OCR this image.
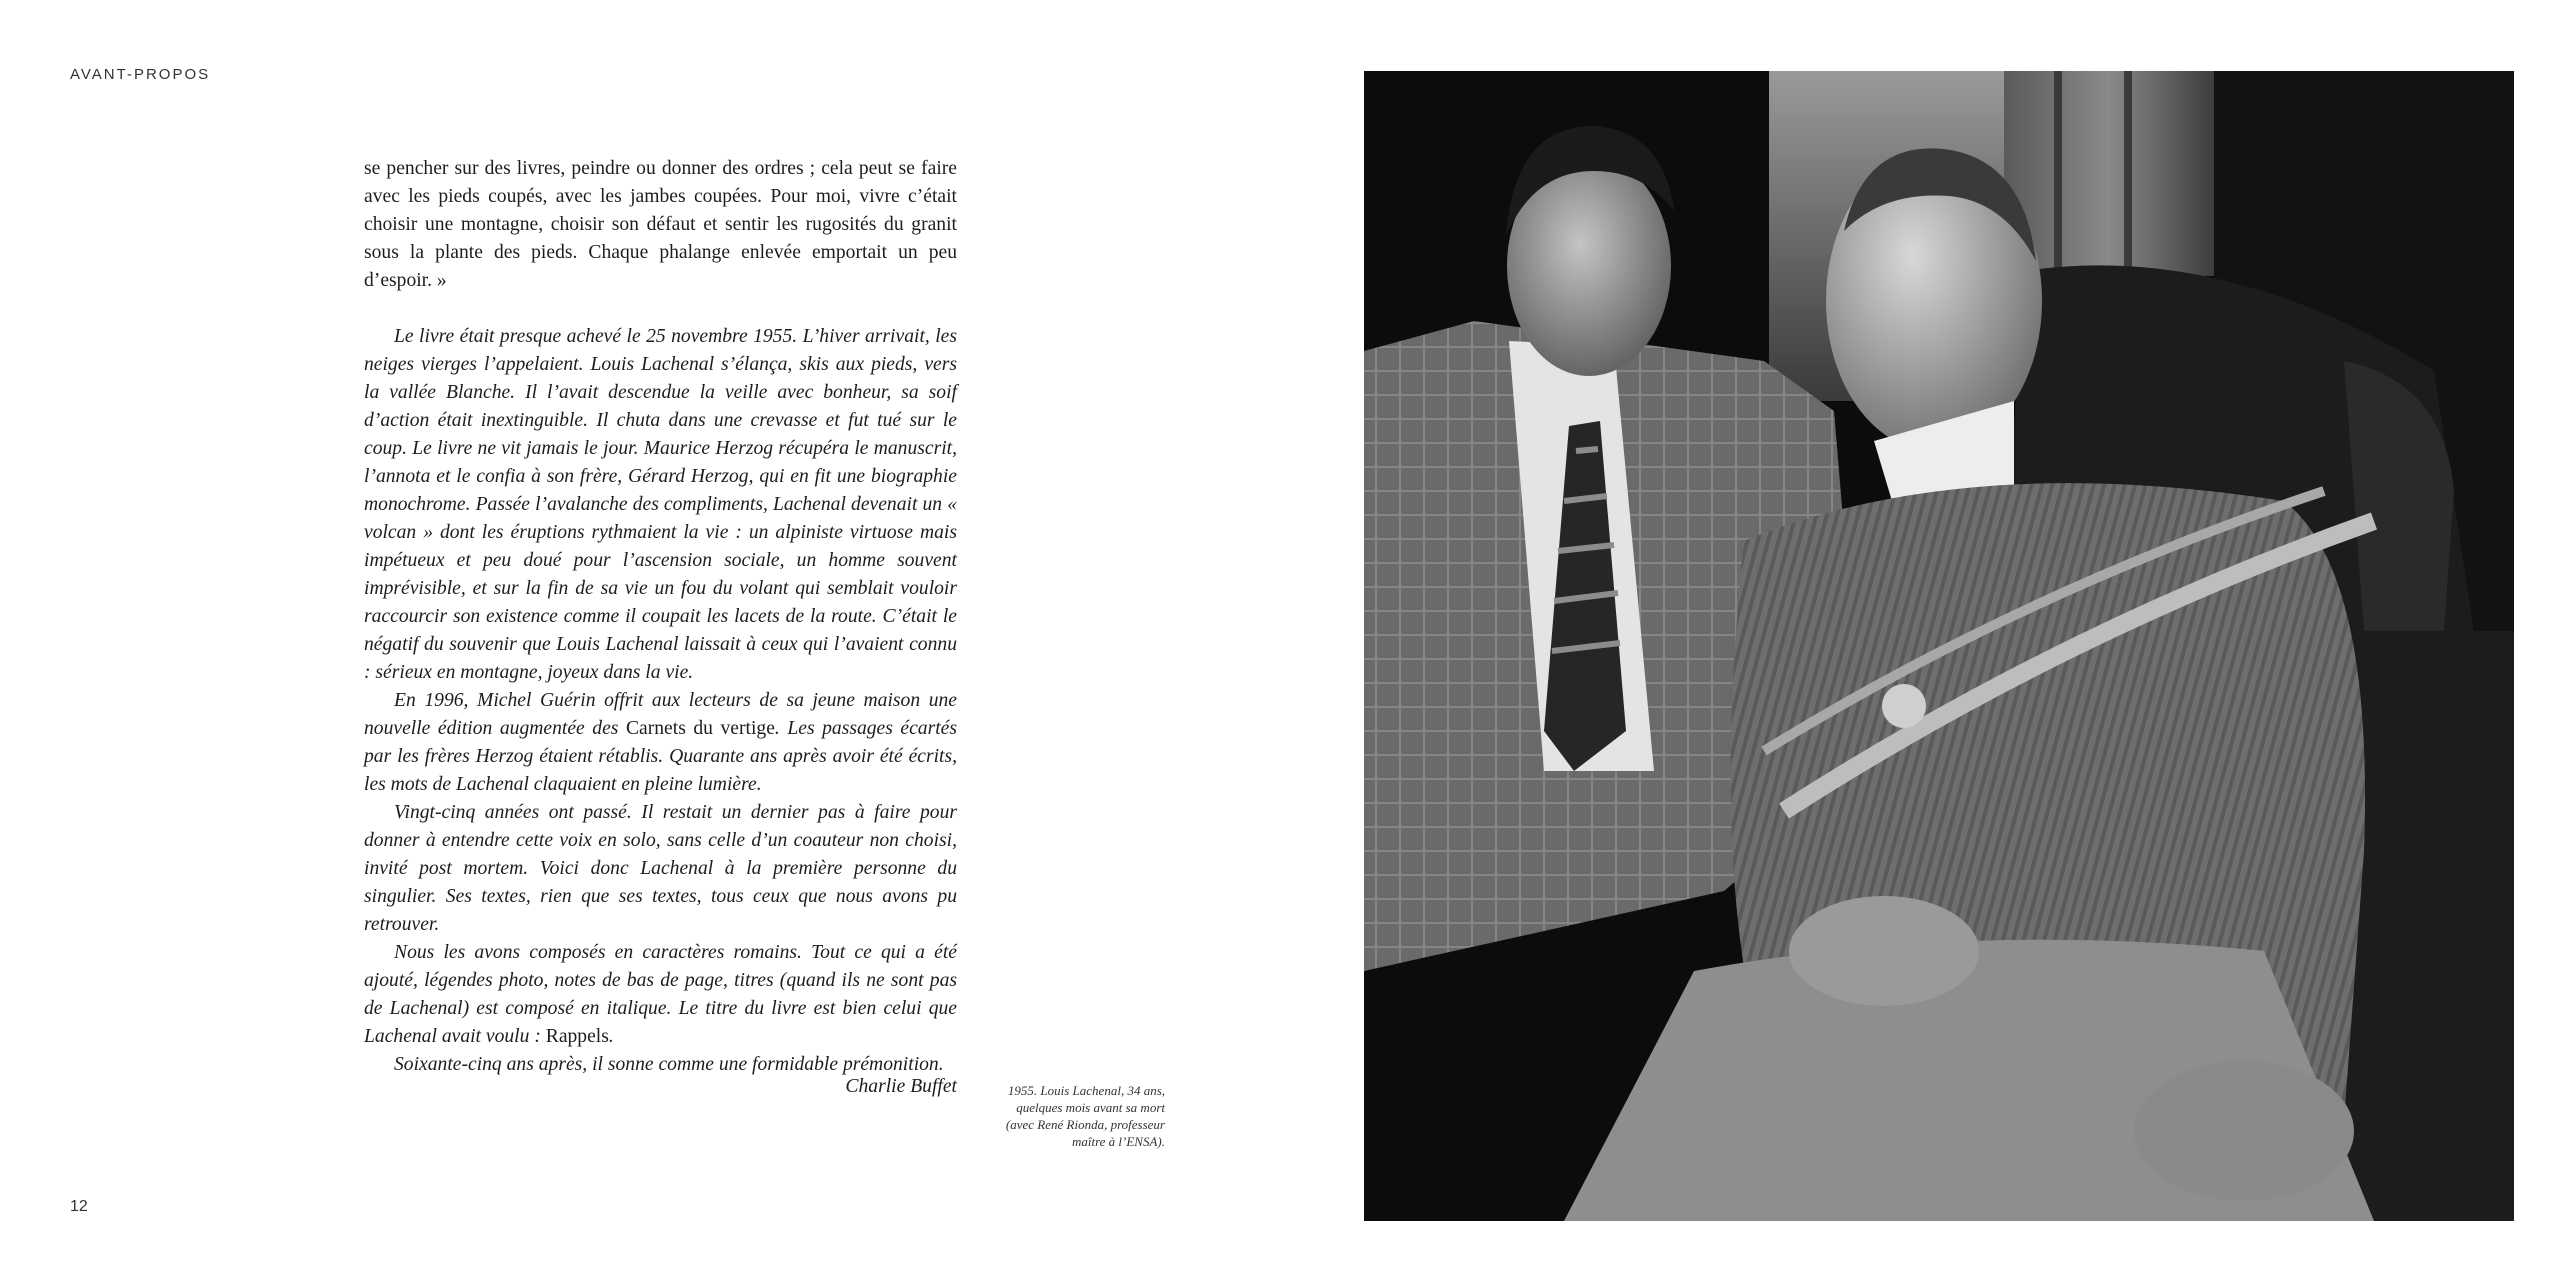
AVANT-PROPOS

se pencher sur des livres, peindre ou donner des ordres ; cela peut se faire avec les pieds coupés, avec les jambes coupées. Pour moi, vivre c’était choisir une montagne, choisir son défaut et sentir les rugosités du granit sous la plante des pieds. Chaque phalange enlevée emportait un peu d’espoir. »

Le livre était presque achevé le 25 novembre 1955. L’hiver arrivait, les neiges vierges l’appelaient. Louis Lachenal s’élança, skis aux pieds, vers la vallée Blanche. Il l’avait descendue la veille avec bonheur, sa soif d’action était inextinguible. Il chuta dans une crevasse et fut tué sur le coup. Le livre ne vit jamais le jour. Maurice Herzog récupéra le manuscrit, l’annota et le confia à son frère, Gérard Herzog, qui en fit une biographie monochrome. Passée l’avalanche des compliments, Lachenal devenait un « volcan » dont les éruptions rythmaient la vie : un alpiniste virtuose mais impétueux et peu doué pour l’ascension sociale, un homme souvent imprévisible, et sur la fin de sa vie un fou du volant qui semblait vouloir raccourcir son existence comme il coupait les lacets de la route. C’était le négatif du souvenir que Louis Lachenal laissait à ceux qui l’avaient connu : sérieux en montagne, joyeux dans la vie.

En 1996, Michel Guérin offrit aux lecteurs de sa jeune maison une nouvelle édition augmentée des Carnets du vertige. Les passages écartés par les frères Herzog étaient rétablis. Quarante ans après avoir été écrits, les mots de Lachenal claquaient en pleine lumière.

Vingt-cinq années ont passé. Il restait un dernier pas à faire pour donner à entendre cette voix en solo, sans celle d’un coauteur non choisi, invité post mortem. Voici donc Lachenal à la première personne du singulier. Ses textes, rien que ses textes, tous ceux que nous avons pu retrouver.

Nous les avons composés en caractères romains. Tout ce qui a été ajouté, légendes photo, notes de bas de page, titres (quand ils ne sont pas de Lachenal) est composé en italique. Le titre du livre est bien celui que Lachenal avait voulu : Rappels.

Soixante-cinq ans après, il sonne comme une formidable prémonition.

Charlie Buffet	1955. Louis Lachenal, 34 ans,
quelques mois avant sa mort
(avec René Rionda, professeur
maître à l’ENSA).
12
